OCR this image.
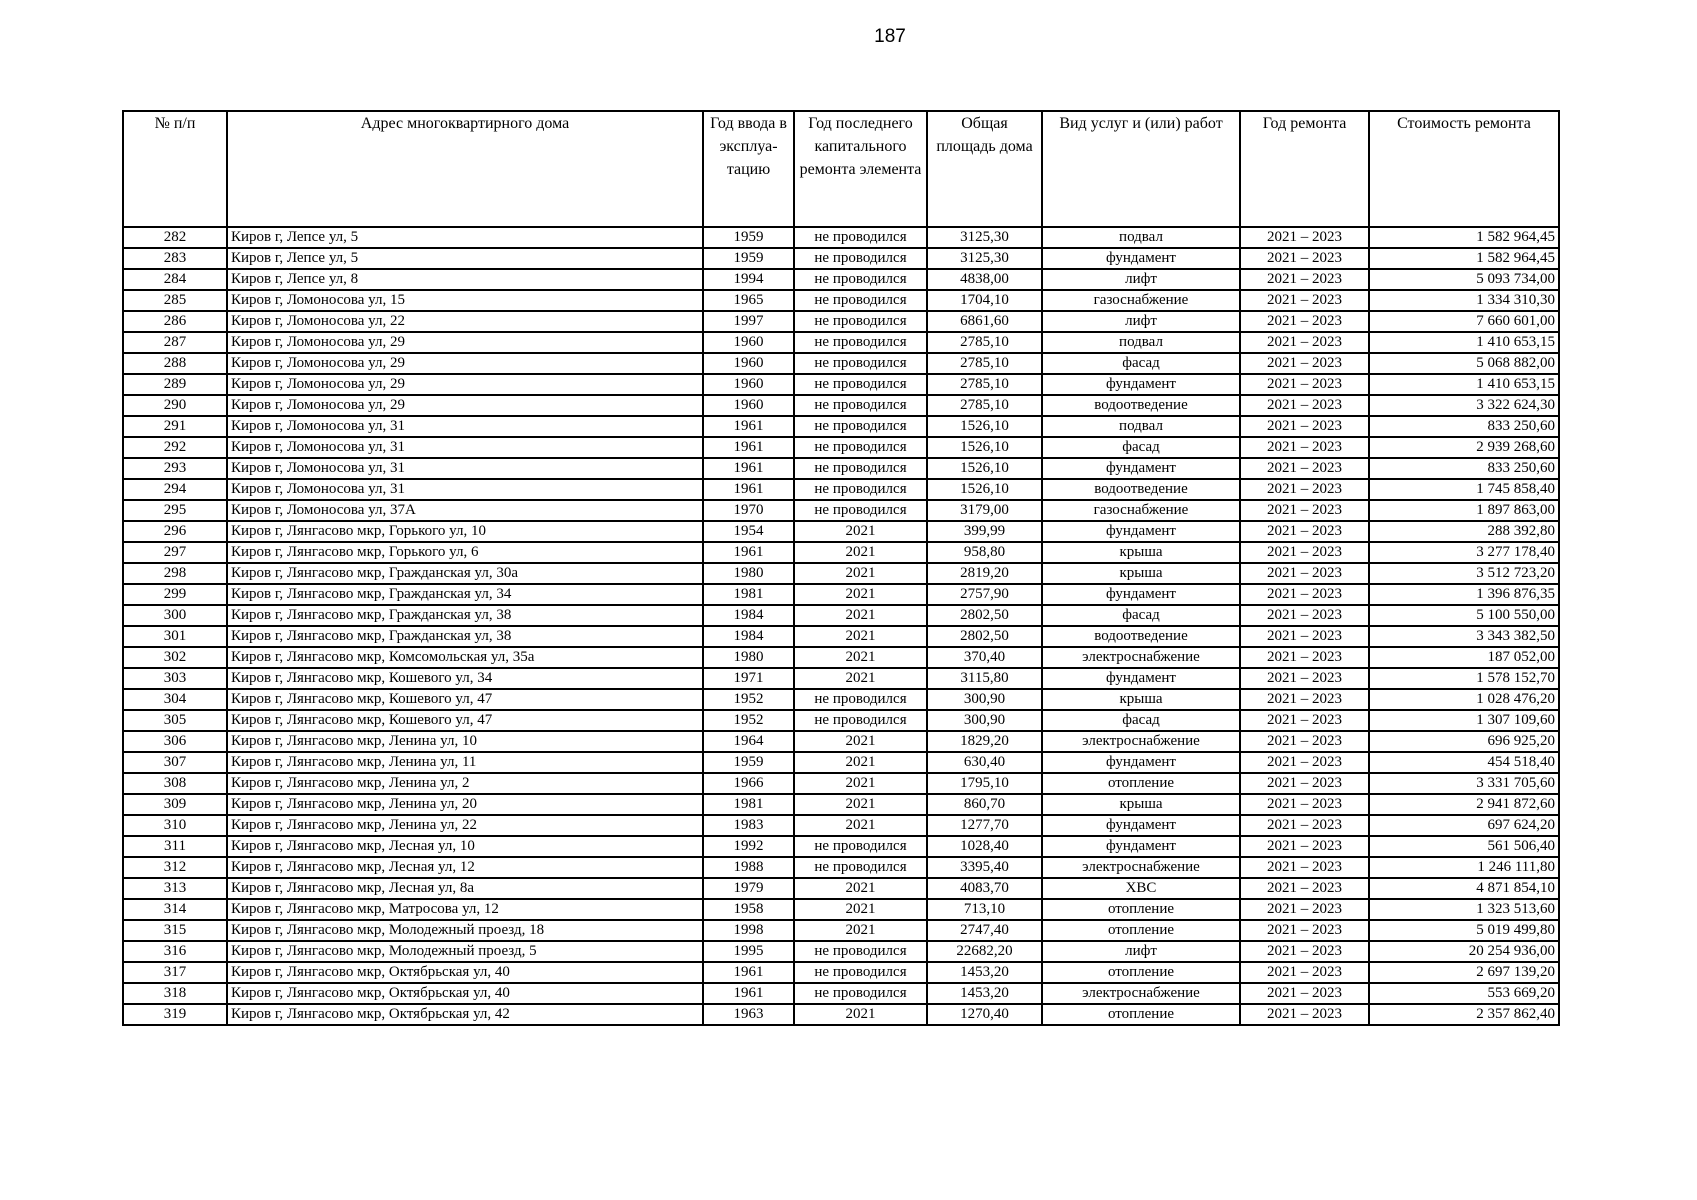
187
№ п/п	Адрес многоквартирного дома	Год ввода в эксплуа-тацию	Год последнего капитального ремонта элемента	Общая площадь дома	Вид услуг и (или) работ	Год ремонта	Стоимость ремонта
282	Киров г, Лепсе ул, 5	1959	не проводился	3125,30	подвал	2021 – 2023	1 582 964,45
283	Киров г, Лепсе ул, 5	1959	не проводился	3125,30	фундамент	2021 – 2023	1 582 964,45
284	Киров г, Лепсе ул, 8	1994	не проводился	4838,00	лифт	2021 – 2023	5 093 734,00
285	Киров г, Ломоносова ул, 15	1965	не проводился	1704,10	газоснабжение	2021 – 2023	1 334 310,30
286	Киров г, Ломоносова ул, 22	1997	не проводился	6861,60	лифт	2021 – 2023	7 660 601,00
287	Киров г, Ломоносова ул, 29	1960	не проводился	2785,10	подвал	2021 – 2023	1 410 653,15
288	Киров г, Ломоносова ул, 29	1960	не проводился	2785,10	фасад	2021 – 2023	5 068 882,00
289	Киров г, Ломоносова ул, 29	1960	не проводился	2785,10	фундамент	2021 – 2023	1 410 653,15
290	Киров г, Ломоносова ул, 29	1960	не проводился	2785,10	водоотведение	2021 – 2023	3 322 624,30
291	Киров г, Ломоносова ул, 31	1961	не проводился	1526,10	подвал	2021 – 2023	833 250,60
292	Киров г, Ломоносова ул, 31	1961	не проводился	1526,10	фасад	2021 – 2023	2 939 268,60
293	Киров г, Ломоносова ул, 31	1961	не проводился	1526,10	фундамент	2021 – 2023	833 250,60
294	Киров г, Ломоносова ул, 31	1961	не проводился	1526,10	водоотведение	2021 – 2023	1 745 858,40
295	Киров г, Ломоносова ул, 37А	1970	не проводился	3179,00	газоснабжение	2021 – 2023	1 897 863,00
296	Киров г, Лянгасово мкр, Горького ул, 10	1954	2021	399,99	фундамент	2021 – 2023	288 392,80
297	Киров г, Лянгасово мкр, Горького ул, 6	1961	2021	958,80	крыша	2021 – 2023	3 277 178,40
298	Киров г, Лянгасово мкр, Гражданская ул, 30а	1980	2021	2819,20	крыша	2021 – 2023	3 512 723,20
299	Киров г, Лянгасово мкр, Гражданская ул, 34	1981	2021	2757,90	фундамент	2021 – 2023	1 396 876,35
300	Киров г, Лянгасово мкр, Гражданская ул, 38	1984	2021	2802,50	фасад	2021 – 2023	5 100 550,00
301	Киров г, Лянгасово мкр, Гражданская ул, 38	1984	2021	2802,50	водоотведение	2021 – 2023	3 343 382,50
302	Киров г, Лянгасово мкр, Комсомольская ул, 35а	1980	2021	370,40	электроснабжение	2021 – 2023	187 052,00
303	Киров г, Лянгасово мкр, Кошевого ул, 34	1971	2021	3115,80	фундамент	2021 – 2023	1 578 152,70
304	Киров г, Лянгасово мкр, Кошевого ул, 47	1952	не проводился	300,90	крыша	2021 – 2023	1 028 476,20
305	Киров г, Лянгасово мкр, Кошевого ул, 47	1952	не проводился	300,90	фасад	2021 – 2023	1 307 109,60
306	Киров г, Лянгасово мкр, Ленина ул, 10	1964	2021	1829,20	электроснабжение	2021 – 2023	696 925,20
307	Киров г, Лянгасово мкр, Ленина ул, 11	1959	2021	630,40	фундамент	2021 – 2023	454 518,40
308	Киров г, Лянгасово мкр, Ленина ул, 2	1966	2021	1795,10	отопление	2021 – 2023	3 331 705,60
309	Киров г, Лянгасово мкр, Ленина ул, 20	1981	2021	860,70	крыша	2021 – 2023	2 941 872,60
310	Киров г, Лянгасово мкр, Ленина ул, 22	1983	2021	1277,70	фундамент	2021 – 2023	697 624,20
311	Киров г, Лянгасово мкр, Лесная ул, 10	1992	не проводился	1028,40	фундамент	2021 – 2023	561 506,40
312	Киров г, Лянгасово мкр, Лесная ул, 12	1988	не проводился	3395,40	электроснабжение	2021 – 2023	1 246 111,80
313	Киров г, Лянгасово мкр, Лесная ул, 8а	1979	2021	4083,70	ХВС	2021 – 2023	4 871 854,10
314	Киров г, Лянгасово мкр, Матросова ул, 12	1958	2021	713,10	отопление	2021 – 2023	1 323 513,60
315	Киров г, Лянгасово мкр, Молодежный проезд, 18	1998	2021	2747,40	отопление	2021 – 2023	5 019 499,80
316	Киров г, Лянгасово мкр, Молодежный проезд, 5	1995	не проводился	22682,20	лифт	2021 – 2023	20 254 936,00
317	Киров г, Лянгасово мкр, Октябрьская ул, 40	1961	не проводился	1453,20	отопление	2021 – 2023	2 697 139,20
318	Киров г, Лянгасово мкр, Октябрьская ул, 40	1961	не проводился	1453,20	электроснабжение	2021 – 2023	553 669,20
319	Киров г, Лянгасово мкр, Октябрьская ул, 42	1963	2021	1270,40	отопление	2021 – 2023	2 357 862,40
